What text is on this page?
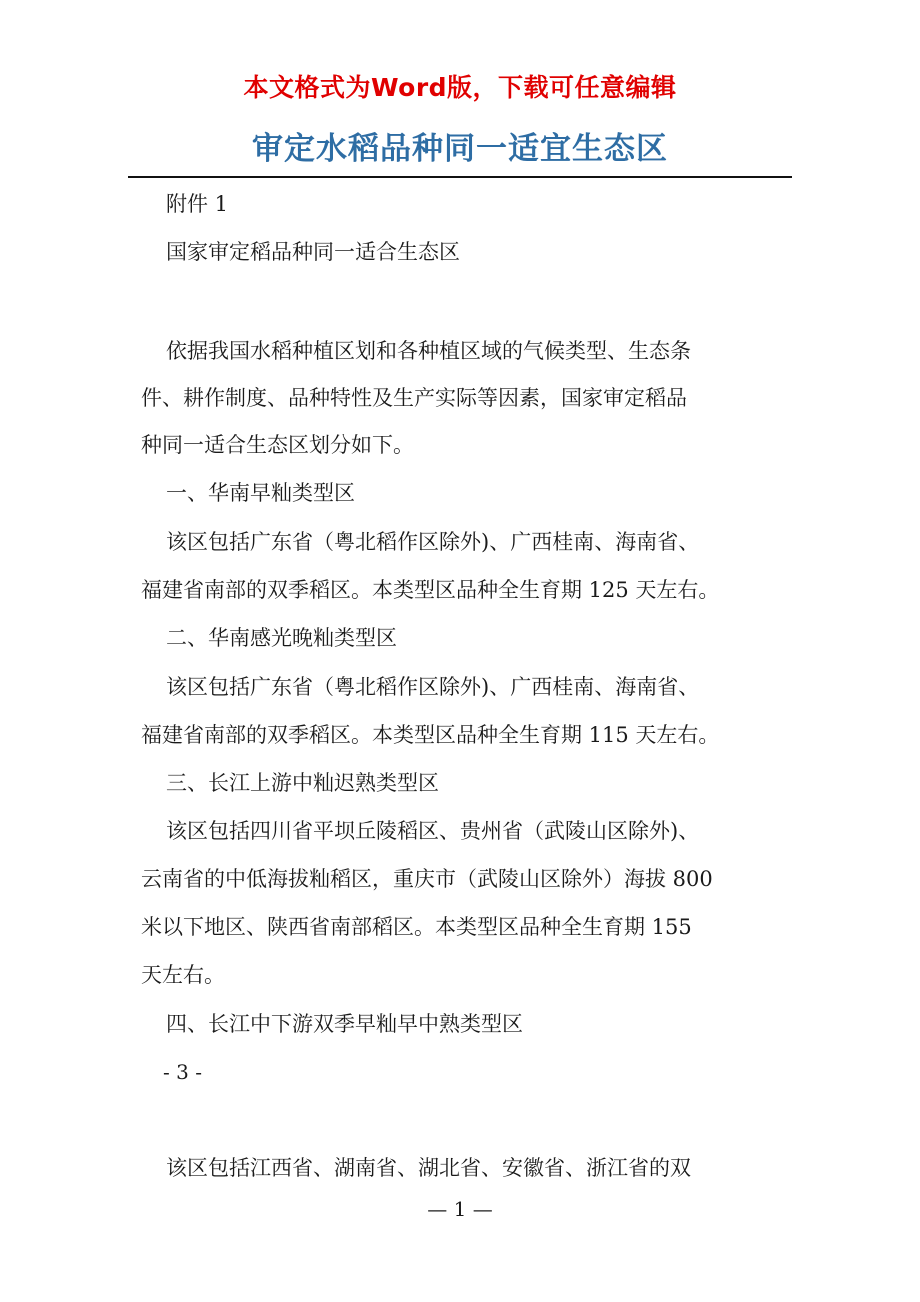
本文格式为Word版，下载可任意编辑
审定水稻品种同一适宜生态区
附件 1
国家审定稻品种同一适合生态区
依据我国水稻种植区划和各种植区域的气候类型、生态条
件、耕作制度、品种特性及生产实际等因素，国家审定稻品
种同一适合生态区划分如下。
一、华南早籼类型区
该区包括广东省（粤北稻作区除外)、广西桂南、海南省、
福建省南部的双季稻区。本类型区品种全生育期 125 天左右。
二、华南感光晚籼类型区
该区包括广东省（粤北稻作区除外)、广西桂南、海南省、
福建省南部的双季稻区。本类型区品种全生育期 115 天左右。
三、长江上游中籼迟熟类型区
该区包括四川省平坝丘陵稻区、贵州省（武陵山区除外)、
云南省的中低海拔籼稻区，重庆市（武陵山区除外）海拔 800
米以下地区、陕西省南部稻区。本类型区品种全生育期 155
天左右。
四、长江中下游双季早籼早中熟类型区
- 3 -
该区包括江西省、湖南省、湖北省、安徽省、浙江省的双
— 1 —
